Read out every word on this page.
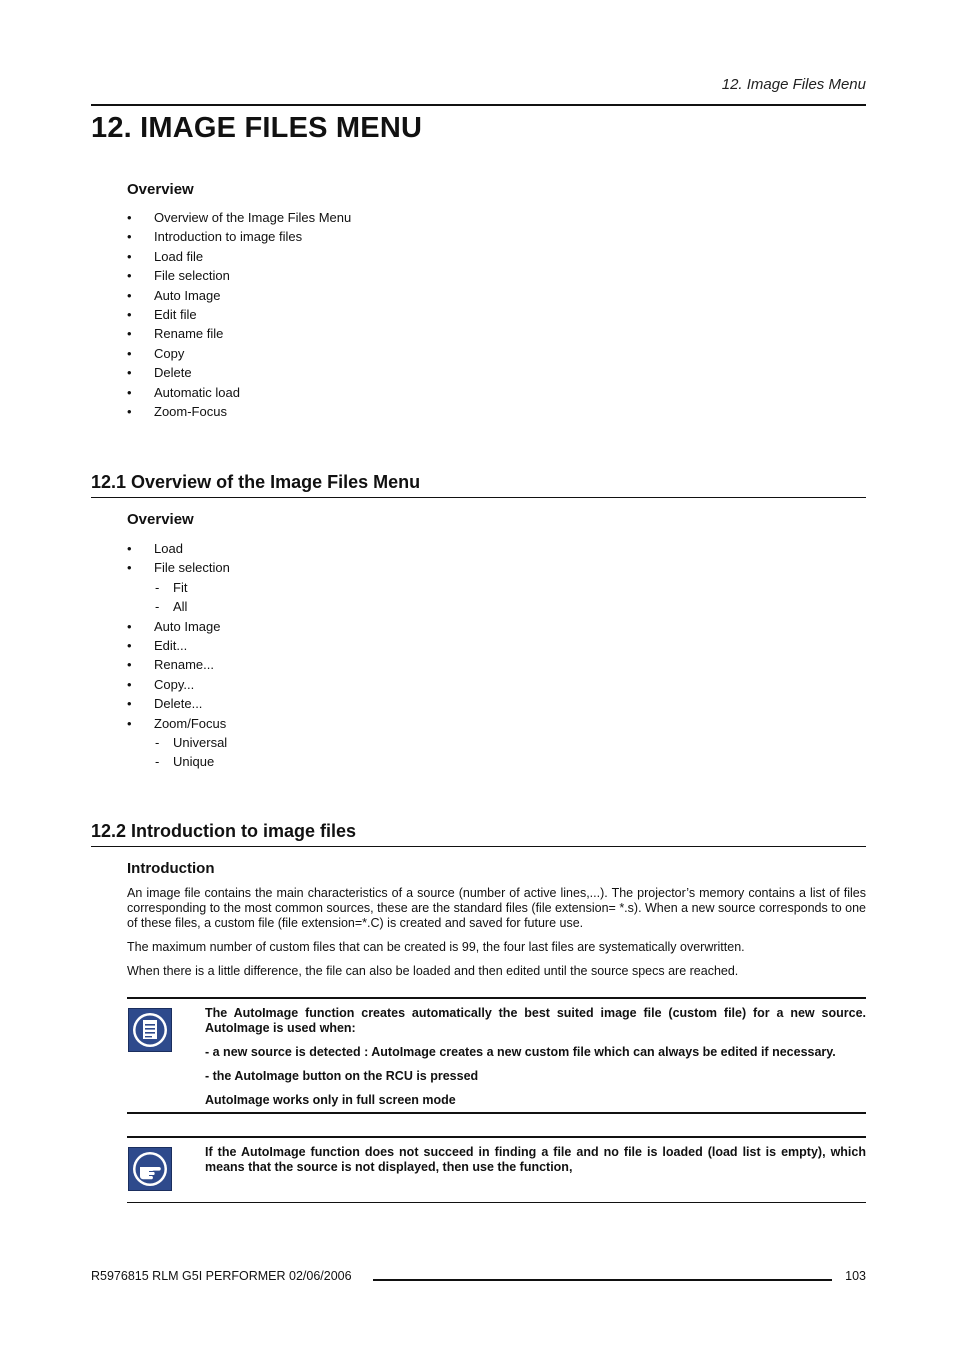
12. Image Files Menu
12. IMAGE FILES MENU
Overview
• Overview of the Image Files Menu
• Introduction to image files
• Load file
• File selection
• Auto Image
• Edit file
• Rename file
• Copy
• Delete
• Automatic load
• Zoom-Focus
12.1 Overview of the Image Files Menu
Overview
• Load
• File selection
- Fit
- All
• Auto Image
• Edit...
• Rename...
• Copy...
• Delete...
• Zoom/Focus
- Universal
- Unique
12.2 Introduction to image files
Introduction
An image file contains the main characteristics of a source (number of active lines,...). The projector’s memory contains a list of files corresponding to the most common sources, these are the standard files (file extension= *.s). When a new source corresponds to one of these files, a custom file (file extension=*.C) is created and saved for future use.
The maximum number of custom files that can be created is 99, the four last files are systematically overwritten.
When there is a little difference, the file can also be loaded and then edited until the source specs are reached.

The AutoImage function creates automatically the best suited image file (custom file) for a new source. AutoImage is used when:

- a new source is detected : AutoImage creates a new custom file which can always be edited if necessary.

- the AutoImage button on the RCU is pressed

AutoImage works only in full screen mode

If the AutoImage function does not succeed in finding a file and no file is loaded (load list is empty), which means that the source is not displayed, then use the function,
R5976815 RLM G5I PERFORMER 02/06/2006	103
